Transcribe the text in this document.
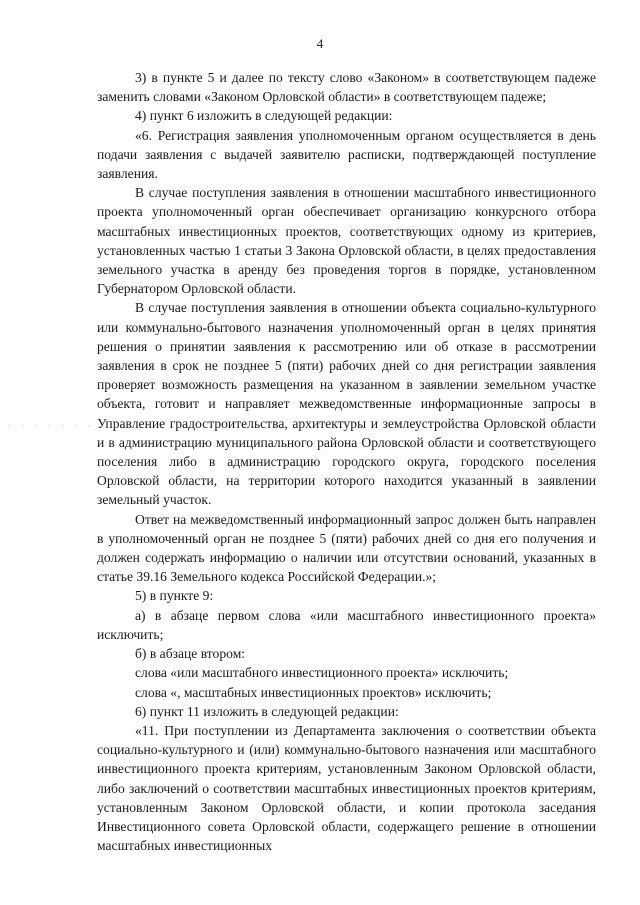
4
· · · · · · · ·

3) в пункте 5 и далее по тексту слово «Законом» в соответствующем падеже заменить словами «Законом Орловской области» в соответствующем падеже;

4) пункт 6 изложить в следующей редакции:

«6. Регистрация заявления уполномоченным органом осуществляется в день подачи заявления с выдачей заявителю расписки, подтверждающей поступление заявления.

В случае поступления заявления в отношении масштабного инвестиционного проекта уполномоченный орган обеспечивает организацию конкурсного отбора масштабных инвестиционных проектов, соответствующих одному из критериев, установленных частью 1 статьи 3 Закона Орловской области, в целях предоставления земельного участка в аренду без проведения торгов в порядке, установленном Губернатором Орловской области.

В случае поступления заявления в отношении объекта социально-культурного или коммунально-бытового назначения уполномоченный орган в целях принятия решения о принятии заявления к рассмотрению или об отказе в рассмотрении заявления в срок не позднее 5 (пяти) рабочих дней со дня регистрации заявления проверяет возможность размещения на указанном в заявлении земельном участке объекта, готовит и направляет межведомственные информационные запросы в Управление градостроительства, архитектуры и землеустройства Орловской области и в администрацию муниципального района Орловской области и соответствующего поселения либо в администрацию городского округа, городского поселения Орловской области, на территории которого находится указанный в заявлении земельный участок.

Ответ на межведомственный информационный запрос должен быть направлен в уполномоченный орган не позднее 5 (пяти) рабочих дней со дня его получения и должен содержать информацию о наличии или отсутствии оснований, указанных в статье 39.16 Земельного кодекса Российской Федерации.»;

5) в пункте 9:

а) в абзаце первом слова «или масштабного инвестиционного проекта» исключить;

б) в абзаце втором:

слова «или масштабного инвестиционного проекта» исключить;

слова «, масштабных инвестиционных проектов» исключить;

6) пункт 11 изложить в следующей редакции:

«11. При поступлении из Департамента заключения о соответствии объекта социально-культурного и (или) коммунально-бытового назначения или масштабного инвестиционного проекта критериям, установленным Законом Орловской области, либо заключений о соответствии масштабных инвестиционных проектов критериям, установленным Законом Орловской области, и копии протокола заседания Инвестиционного совета Орловской области, содержащего решение в отношении масштабных инвестиционных
